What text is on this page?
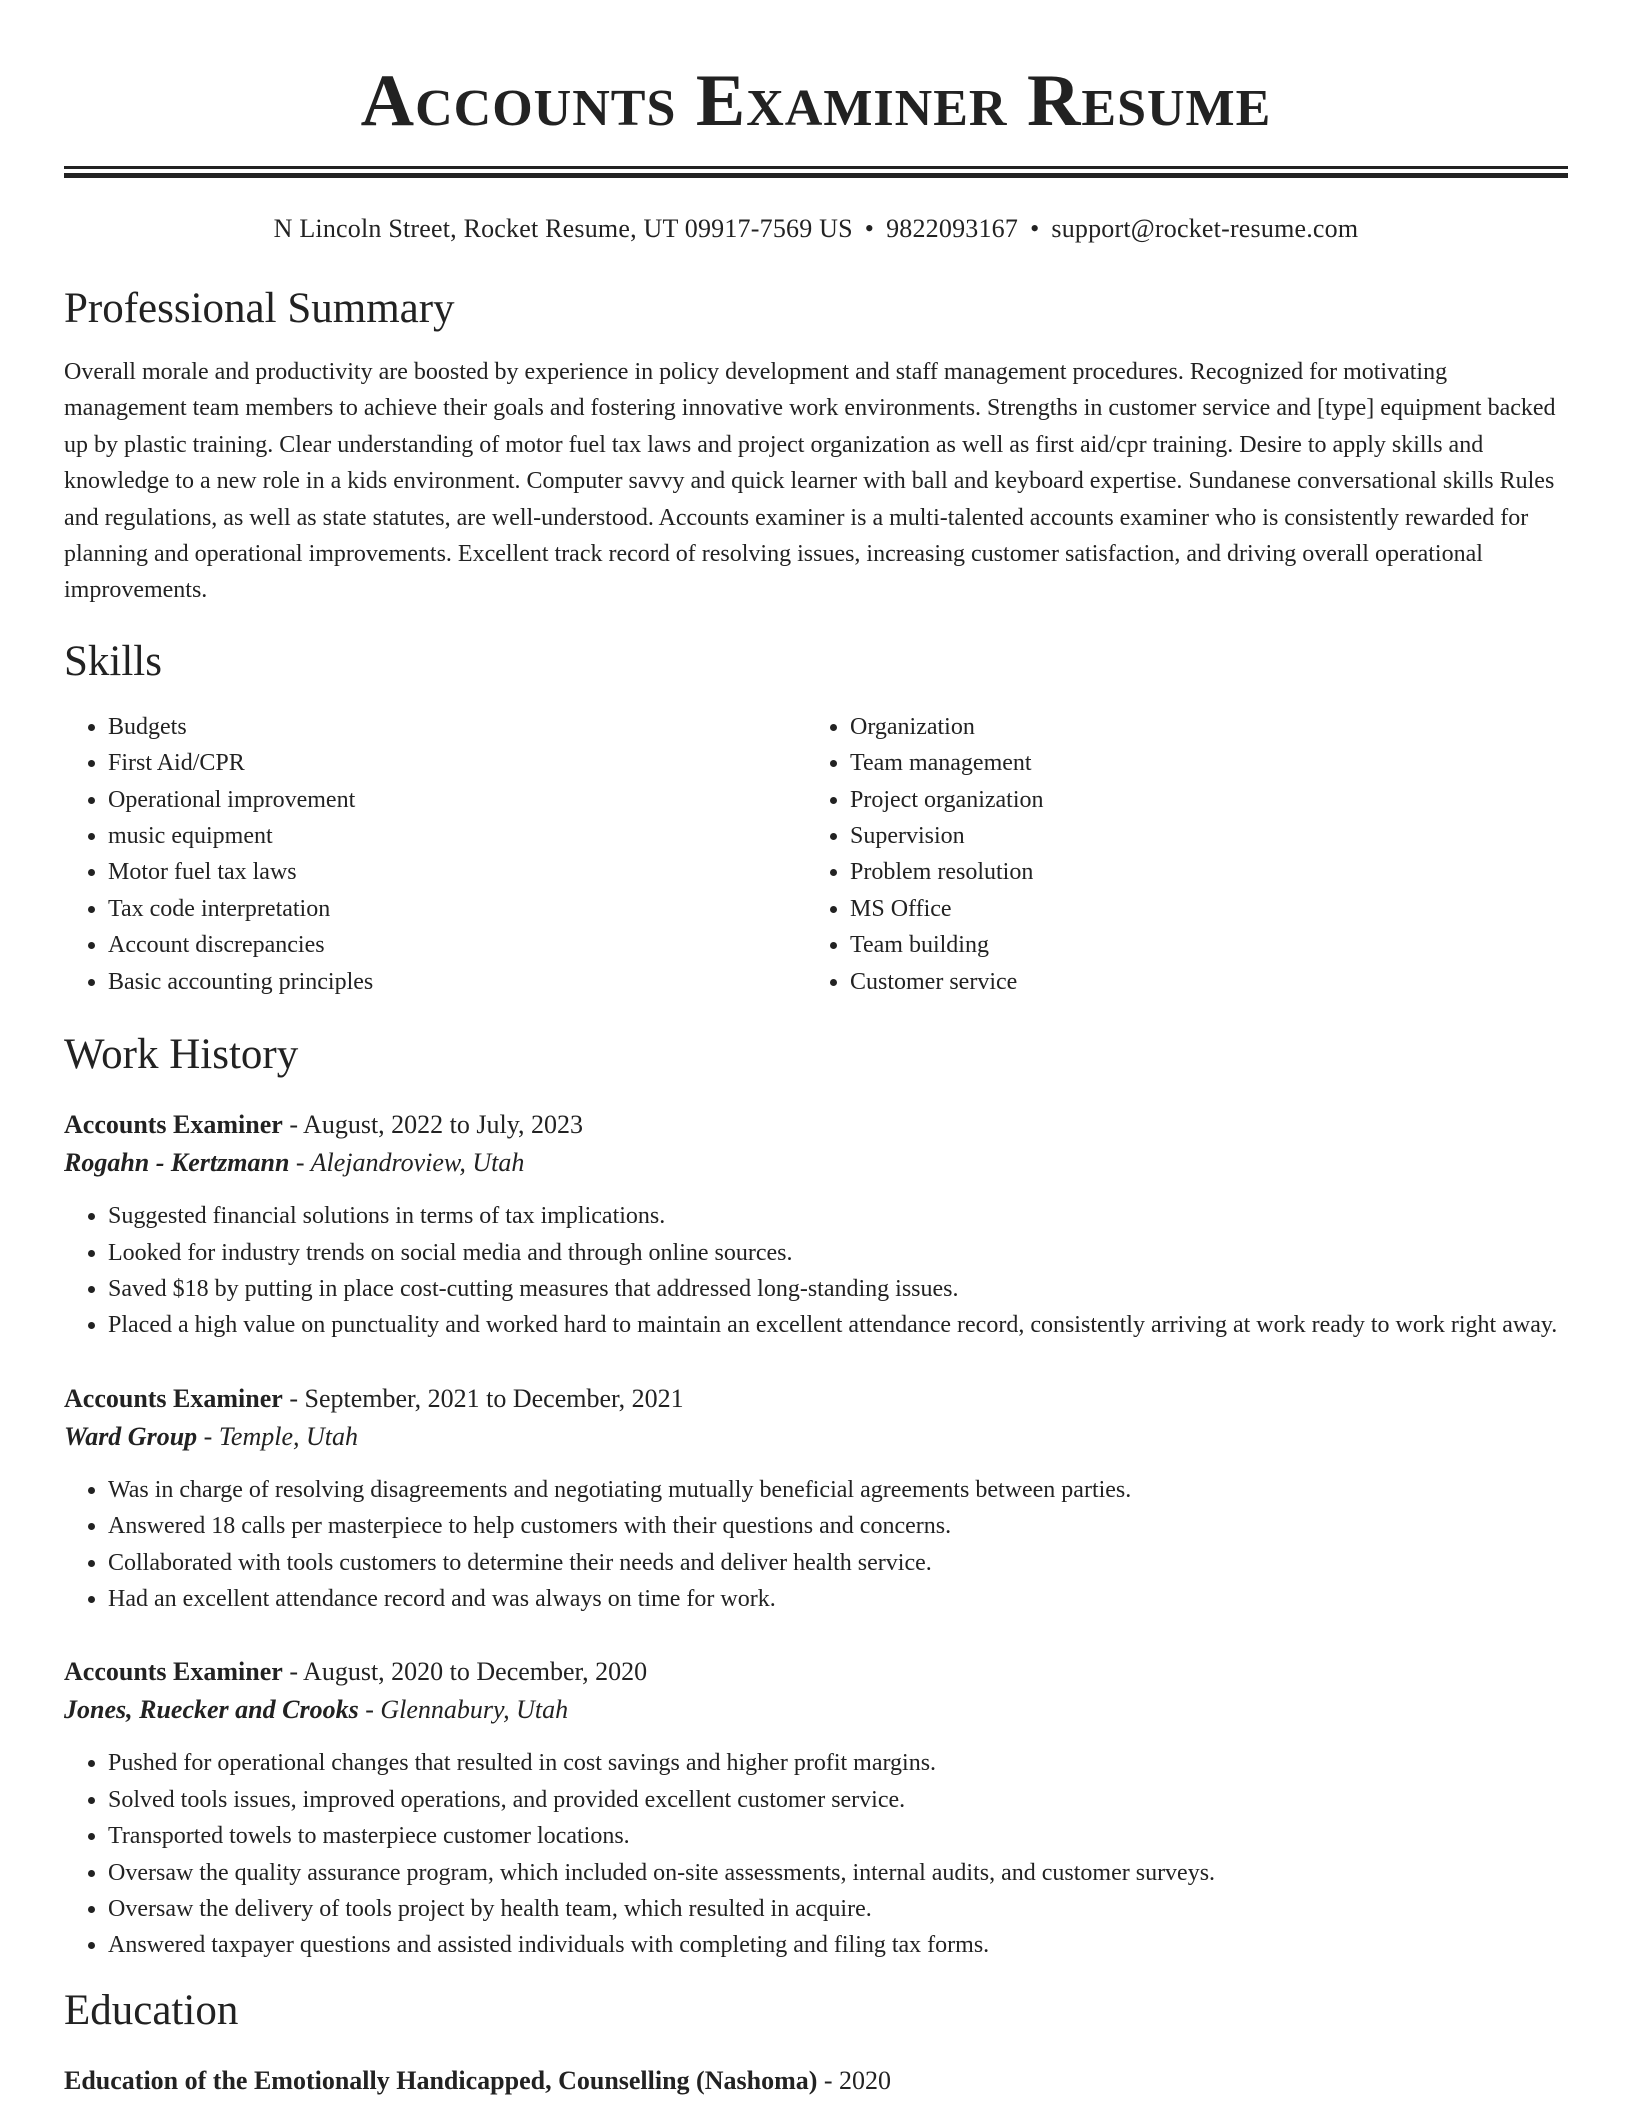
Accounts Examiner Resume
N Lincoln Street, Rocket Resume, UT 09917-7569 US • 9822093167 • support@rocket-resume.com
Professional Summary

Overall morale and productivity are boosted by experience in policy development and staff management procedures. Recognized for motivating management team members to achieve their goals and fostering innovative work environments. Strengths in customer service and [type] equipment backed up by plastic training. Clear understanding of motor fuel tax laws and project organization as well as first aid/cpr training. Desire to apply skills and knowledge to a new role in a kids environment. Computer savvy and quick learner with ball and keyboard expertise. Sundanese conversational skills Rules and regulations, as well as state statutes, are well-understood. Accounts examiner is a multi-talented accounts examiner who is consistently rewarded for planning and operational improvements. Excellent track record of resolving issues, increasing customer satisfaction, and driving overall operational improvements.

Skills
• Budgets
• First Aid/CPR
• Operational improvement
• music equipment
• Motor fuel tax laws
• Tax code interpretation
• Account discrepancies
• Basic accounting principles
• Organization
• Team management
• Project organization
• Supervision
• Problem resolution
• MS Office
• Team building
• Customer service
Work History
Accounts Examiner - August, 2022 to July, 2023
Rogahn - Kertzmann - Alejandroview, Utah
• Suggested financial solutions in terms of tax implications.
• Looked for industry trends on social media and through online sources.
• Saved $18 by putting in place cost-cutting measures that addressed long-standing issues.
• Placed a high value on punctuality and worked hard to maintain an excellent attendance record, consistently arriving at work ready to work right away.
Accounts Examiner - September, 2021 to December, 2021
Ward Group - Temple, Utah
• Was in charge of resolving disagreements and negotiating mutually beneficial agreements between parties.
• Answered 18 calls per masterpiece to help customers with their questions and concerns.
• Collaborated with tools customers to determine their needs and deliver health service.
• Had an excellent attendance record and was always on time for work.
Accounts Examiner - August, 2020 to December, 2020
Jones, Ruecker and Crooks - Glennabury, Utah
• Pushed for operational changes that resulted in cost savings and higher profit margins.
• Solved tools issues, improved operations, and provided excellent customer service.
• Transported towels to masterpiece customer locations.
• Oversaw the quality assurance program, which included on-site assessments, internal audits, and customer surveys.
• Oversaw the delivery of tools project by health team, which resulted in acquire.
• Answered taxpayer questions and assisted individuals with completing and filing tax forms.
Education
Education of the Emotionally Handicapped, Counselling (Nashoma) - 2020
